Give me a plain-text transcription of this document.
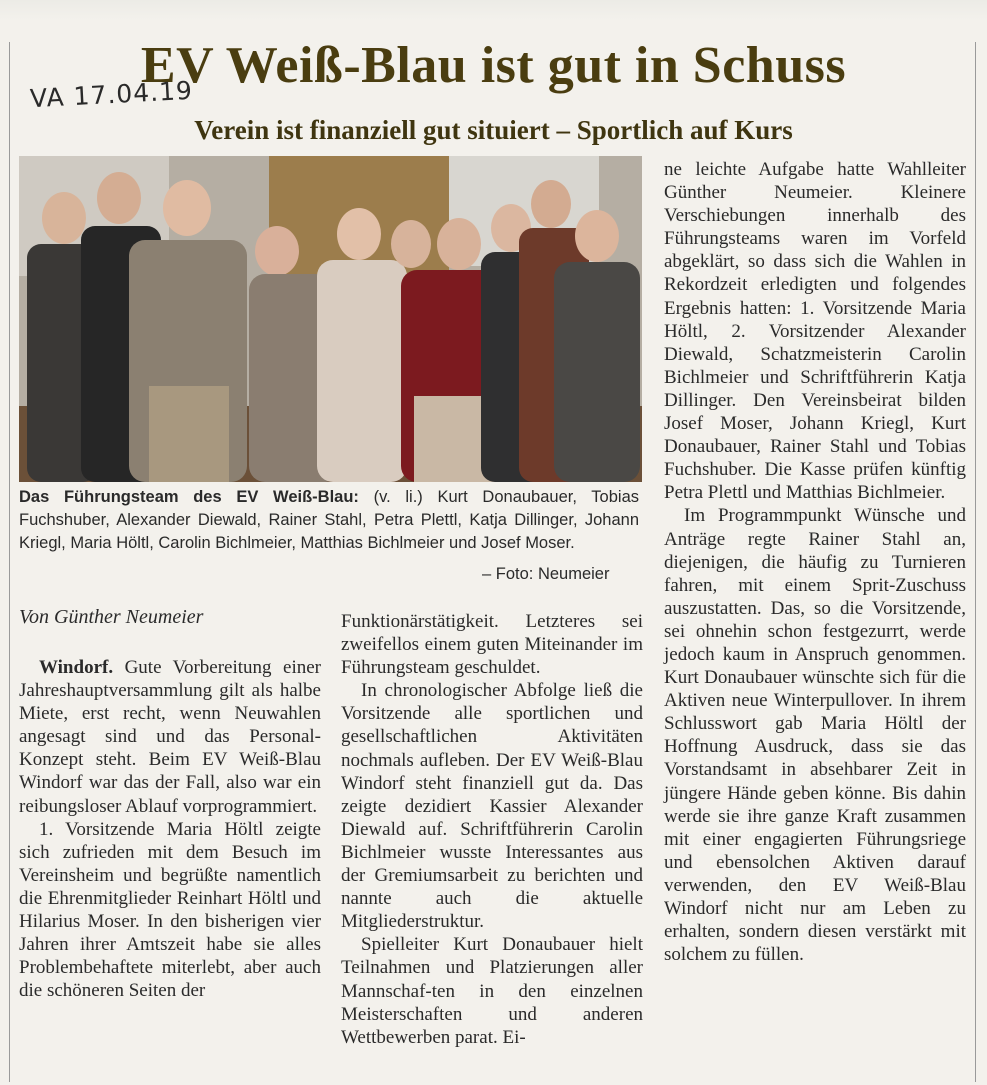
EV Weiß-Blau ist gut in Schuss
VA 17.04.19
Verein ist finanziell gut situiert – Sportlich auf Kurs
Das Führungsteam des EV Weiß-Blau: (v. li.) Kurt Donaubauer, Tobias Fuchshuber, Alexander Diewald, Rainer Stahl, Petra Plettl, Katja Dillinger, Johann Kriegl, Maria Höltl, Carolin Bichlmeier, Matthias Bichlmeier und Josef Moser.
– Foto: Neumeier
Von Günther Neumeier

Windorf. Gute Vorbereitung einer Jahreshauptversammlung gilt als halbe Miete, erst recht, wenn Neuwahlen angesagt sind und das Personal-Konzept steht. Beim EV Weiß-Blau Windorf war das der Fall, also war ein reibungsloser Ablauf vorprogrammiert.

1. Vorsitzende Maria Höltl zeigte sich zufrieden mit dem Besuch im Vereinsheim und begrüßte namentlich die Ehrenmitglieder Reinhart Höltl und Hilarius Moser. In den bisherigen vier Jahren ihrer Amtszeit habe sie alles Problembehaftete miterlebt, aber auch die schöneren Seiten der

Funktionärstätigkeit. Letzteres sei zweifellos einem guten Miteinander im Führungsteam geschuldet.

In chronologischer Abfolge ließ die Vorsitzende alle sportlichen und gesellschaftlichen Aktivitäten nochmals aufleben. Der EV Weiß-Blau Windorf steht finanziell gut da. Das zeigte dezidiert Kassier Alexander Diewald auf. Schriftführerin Carolin Bichlmeier wusste Interessantes aus der Gremiumsarbeit zu berichten und nannte auch die aktuelle Mitgliederstruktur.

Spielleiter Kurt Donaubauer hielt Teilnahmen und Platzierungen aller Mannschaf-ten in den einzelnen Meisterschaften und anderen Wettbewerben parat. Ei-

ne leichte Aufgabe hatte Wahlleiter Günther Neumeier. Kleinere Verschiebungen innerhalb des Führungsteams waren im Vorfeld abgeklärt, so dass sich die Wahlen in Rekordzeit erledigten und folgendes Ergebnis hatten: 1. Vorsitzende Maria Höltl, 2. Vorsitzender Alexander Diewald, Schatzmeisterin Carolin Bichlmeier und Schriftführerin Katja Dillinger. Den Vereinsbeirat bilden Josef Moser, Johann Kriegl, Kurt Donaubauer, Rainer Stahl und Tobias Fuchshuber. Die Kasse prüfen künftig Petra Plettl und Matthias Bichlmeier.

Im Programmpunkt Wünsche und Anträge regte Rainer Stahl an, diejenigen, die häufig zu Turnieren fahren, mit einem Sprit-Zuschuss auszustatten. Das, so die Vorsitzende, sei ohnehin schon festgezurrt, werde jedoch kaum in Anspruch genommen. Kurt Donaubauer wünschte sich für die Aktiven neue Winterpullover. In ihrem Schlusswort gab Maria Höltl der Hoffnung Ausdruck, dass sie das Vorstandsamt in absehbarer Zeit in jüngere Hände geben könne. Bis dahin werde sie ihre ganze Kraft zusammen mit einer engagierten Führungsriege und ebensolchen Aktiven darauf verwenden, den EV Weiß-Blau Windorf nicht nur am Leben zu erhalten, sondern diesen verstärkt mit solchem zu füllen.
